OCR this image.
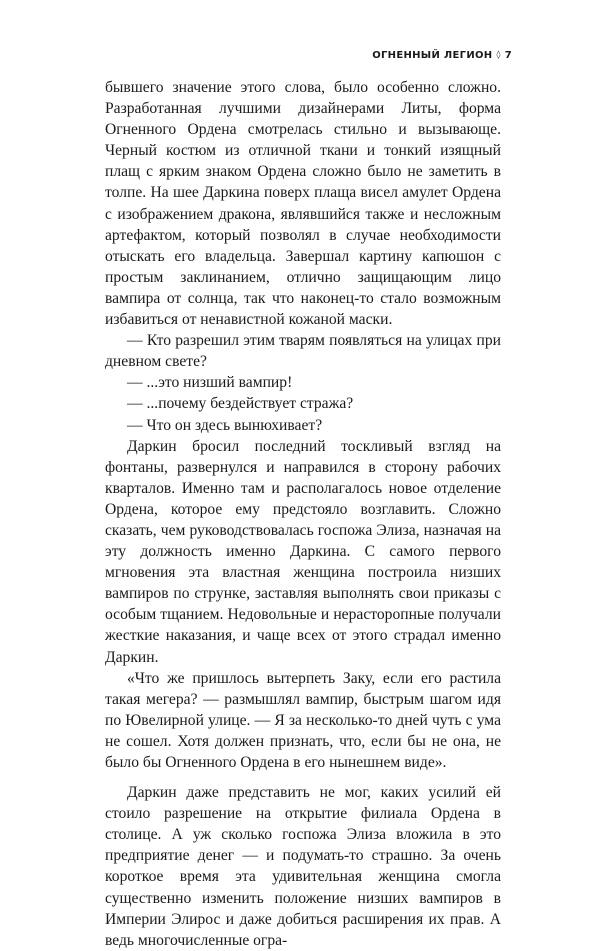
ОГНЕННЫЙ ЛЕГИОН ◊ 7

бывшего значение этого слова, было особенно сложно. Разработанная лучшими дизайнерами Литы, форма Огненного Ордена смотрелась стильно и вызывающе. Черный костюм из отличной ткани и тонкий изящный плащ с ярким знаком Ордена сложно было не заметить в толпе. На шее Даркина поверх плаща висел амулет Ордена с изображением дракона, являвшийся также и несложным артефактом, который позволял в случае необходимости отыскать его владельца. Завершал картину капюшон с простым заклинанием, отлично защищающим лицо вампира от солнца, так что наконец-то стало возможным избавиться от ненавистной кожаной маски.

— Кто разрешил этим тварям появляться на улицах при дневном свете?

— ...это низший вампир!

— ...почему бездействует стража?

— Что он здесь вынюхивает?

Даркин бросил последний тоскливый взгляд на фонтаны, развернулся и направился в сторону рабочих кварталов. Именно там и располагалось новое отделение Ордена, которое ему предстояло возглавить. Сложно сказать, чем руководствовалась госпожа Элиза, назначая на эту должность именно Даркина. С самого первого мгновения эта властная женщина построила низших вампиров по струнке, заставляя выполнять свои приказы с особым тщанием. Недовольные и нерасторопные получали жесткие наказания, и чаще всех от этого страдал именно Даркин.

«Что же пришлось вытерпеть Заку, если его растила такая мегера? — размышлял вампир, быстрым шагом идя по Ювелирной улице. — Я за несколько-то дней чуть с ума не сошел. Хотя должен признать, что, если бы не она, не было бы Огненного Ордена в его нынешнем виде».

Даркин даже представить не мог, каких усилий ей стоило разрешение на открытие филиала Ордена в столице. А уж сколько госпожа Элиза вложила в это предприятие денег — и подумать-то страшно. За очень короткое время эта удивительная женщина смогла существенно изменить положение низших вампиров в Империи Элирос и даже добиться расширения их прав. А ведь многочисленные огра-
